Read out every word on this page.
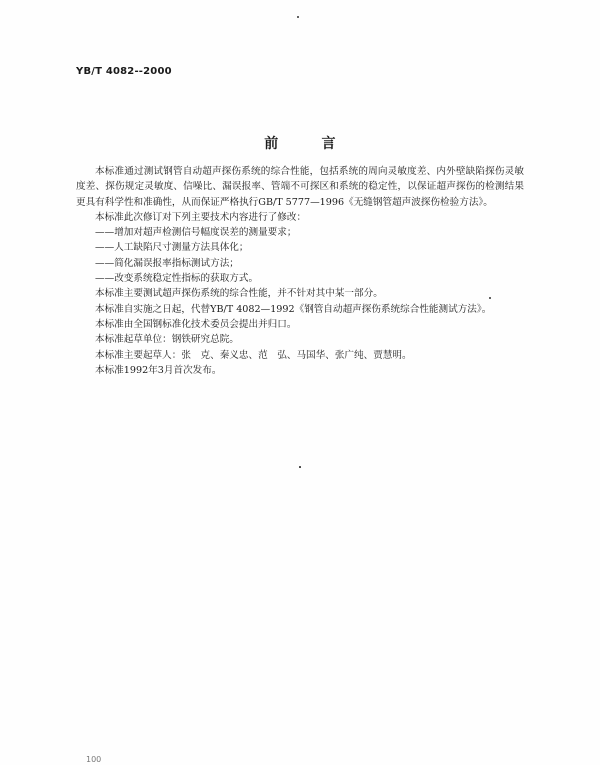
YB/T 4082--2000
前 言

本标准通过测试钢管自动超声探伤系统的综合性能，包括系统的周向灵敏度差、内外壁缺陷探伤灵敏度差、探伤规定灵敏度、信噪比、漏误报率、管端不可探区和系统的稳定性，以保证超声探伤的检测结果更具有科学性和准确性，从而保证严格执行GB/T 5777—1996《无缝钢管超声波探伤检验方法》。

本标准此次修订对下列主要技术内容进行了修改：

——增加对超声检测信号幅度误差的测量要求；

——人工缺陷尺寸测量方法具体化；

——简化漏误报率指标测试方法；

——改变系统稳定性指标的获取方式。

本标准主要测试超声探伤系统的综合性能，并不针对其中某一部分。

本标准自实施之日起，代替YB/T 4082—1992《钢管自动超声探伤系统综合性能测试方法》。

本标准由全国钢标准化技术委员会提出并归口。

本标准起草单位：钢铁研究总院。

本标准主要起草人：张　克、秦义忠、范　弘、马国华、张广纯、贾慧明。

本标准1992年3月首次发布。

100
